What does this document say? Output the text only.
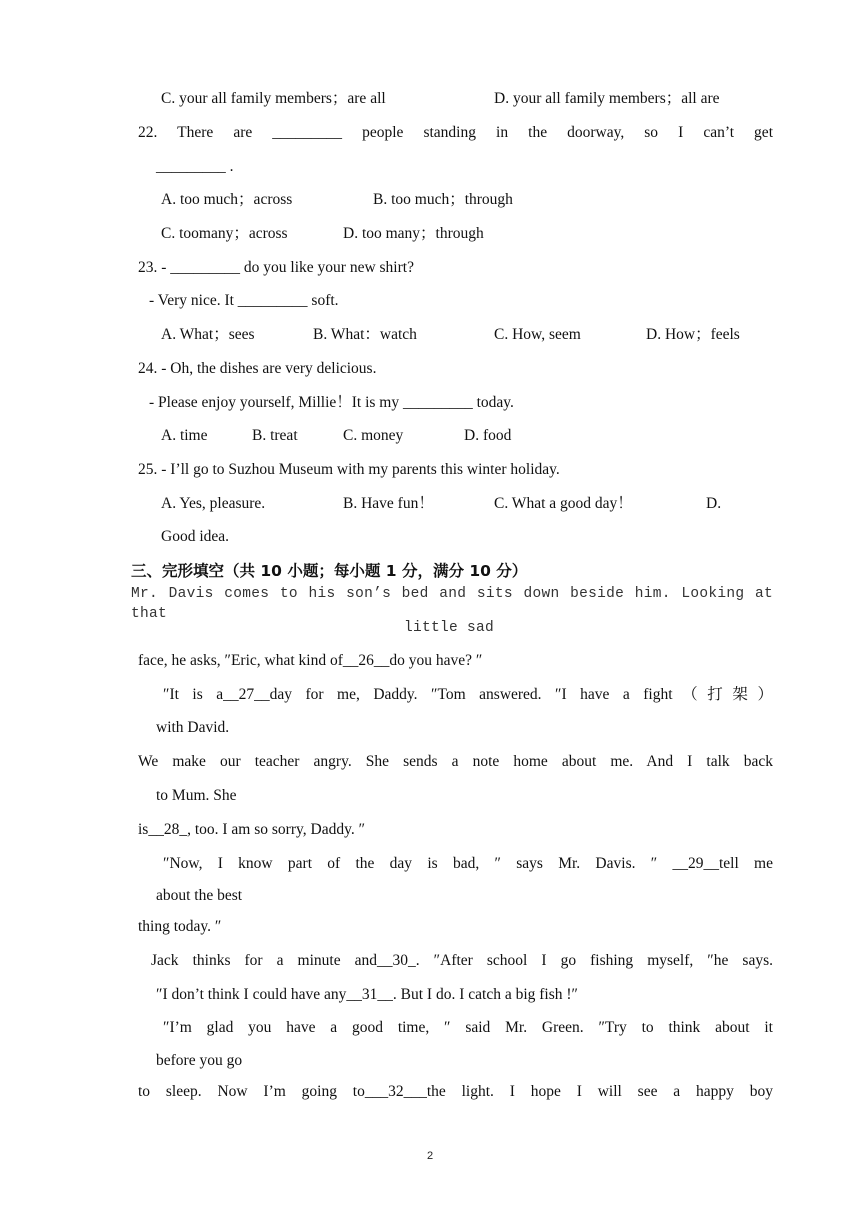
C. your all family members；are all	D. your all family members；all are
22. There are _________ people standing in the doorway, so I can’t get
_________ .
A. too much；across	B. too much；through
C. toomany；across	D. too many；through
23. - _________ do you like your new shirt?
- Very nice. It _________ soft.
A. What；sees	B. What：watch	C. How, seem	D. How；feels
24. - Oh, the dishes are very delicious.
- Please enjoy yourself, Millie！It is my _________ today.
A. time	B. treat	C. money	D. food
25. - I’ll go to Suzhou Museum with my parents this winter holiday.
A. Yes, pleasure.	B. Have fun！	C. What a good day！	D.
Good idea.
三、完形填空（共 10 小题；每小题 1 分，满分 10 分）
Mr. Davis comes to his son’s bed and sits down beside him. Looking at that
little sad
face, he asks, ″Eric, what kind of__26__do you have? ″
″It is a__27__day for me, Daddy. ″Tom answered. ″I have a fight（打架）
with David.
We make our teacher angry. She sends a note home about me. And I talk back
to Mum. She
is__28_, too. I am so sorry, Daddy. ″
″Now, I know part of the day is bad, ″ says Mr. Davis. ″ __29__tell me
about the best
thing today. ″
Jack thinks for a minute and__30_. ″After school I go fishing myself, ″he says.
″I don’t think I could have any__31__. But I do. I catch a big fish !″
″I’m glad you have a good time, ″ said Mr. Green. ″Try to think about it
before you go
to sleep. Now I’m going to___32___the light. I hope I will see a happy boy
2
